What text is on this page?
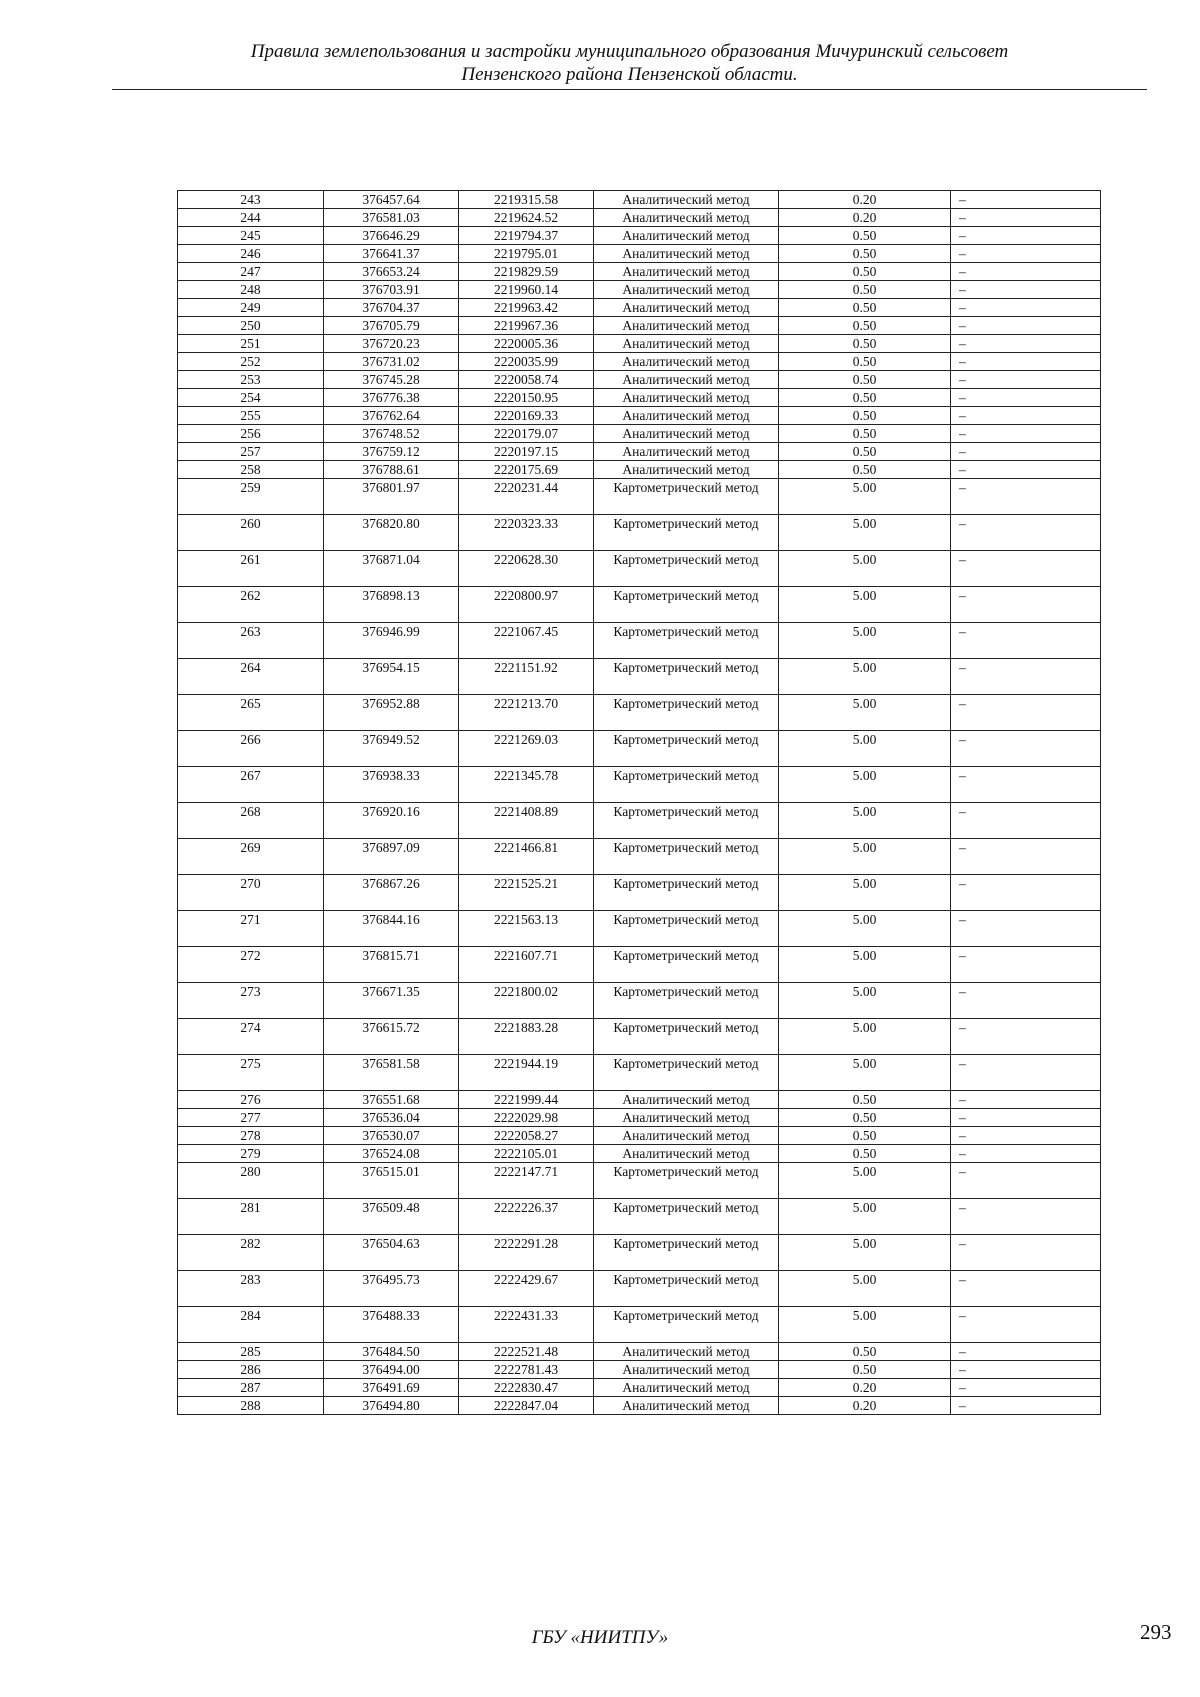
Правила землепользования и застройки муниципального образования Мичуринский сельсовет
Пензенского района Пензенской области.
243	376457.64	2219315.58	Аналитический метод	0.20	–
244	376581.03	2219624.52	Аналитический метод	0.20	–
245	376646.29	2219794.37	Аналитический метод	0.50	–
246	376641.37	2219795.01	Аналитический метод	0.50	–
247	376653.24	2219829.59	Аналитический метод	0.50	–
248	376703.91	2219960.14	Аналитический метод	0.50	–
249	376704.37	2219963.42	Аналитический метод	0.50	–
250	376705.79	2219967.36	Аналитический метод	0.50	–
251	376720.23	2220005.36	Аналитический метод	0.50	–
252	376731.02	2220035.99	Аналитический метод	0.50	–
253	376745.28	2220058.74	Аналитический метод	0.50	–
254	376776.38	2220150.95	Аналитический метод	0.50	–
255	376762.64	2220169.33	Аналитический метод	0.50	–
256	376748.52	2220179.07	Аналитический метод	0.50	–
257	376759.12	2220197.15	Аналитический метод	0.50	–
258	376788.61	2220175.69	Аналитический метод	0.50	–
259	376801.97	2220231.44	Картометрический метод	5.00	–
260	376820.80	2220323.33	Картометрический метод	5.00	–
261	376871.04	2220628.30	Картометрический метод	5.00	–
262	376898.13	2220800.97	Картометрический метод	5.00	–
263	376946.99	2221067.45	Картометрический метод	5.00	–
264	376954.15	2221151.92	Картометрический метод	5.00	–
265	376952.88	2221213.70	Картометрический метод	5.00	–
266	376949.52	2221269.03	Картометрический метод	5.00	–
267	376938.33	2221345.78	Картометрический метод	5.00	–
268	376920.16	2221408.89	Картометрический метод	5.00	–
269	376897.09	2221466.81	Картометрический метод	5.00	–
270	376867.26	2221525.21	Картометрический метод	5.00	–
271	376844.16	2221563.13	Картометрический метод	5.00	–
272	376815.71	2221607.71	Картометрический метод	5.00	–
273	376671.35	2221800.02	Картометрический метод	5.00	–
274	376615.72	2221883.28	Картометрический метод	5.00	–
275	376581.58	2221944.19	Картометрический метод	5.00	–
276	376551.68	2221999.44	Аналитический метод	0.50	–
277	376536.04	2222029.98	Аналитический метод	0.50	–
278	376530.07	2222058.27	Аналитический метод	0.50	–
279	376524.08	2222105.01	Аналитический метод	0.50	–
280	376515.01	2222147.71	Картометрический метод	5.00	–
281	376509.48	2222226.37	Картометрический метод	5.00	–
282	376504.63	2222291.28	Картометрический метод	5.00	–
283	376495.73	2222429.67	Картометрический метод	5.00	–
284	376488.33	2222431.33	Картометрический метод	5.00	–
285	376484.50	2222521.48	Аналитический метод	0.50	–
286	376494.00	2222781.43	Аналитический метод	0.50	–
287	376491.69	2222830.47	Аналитический метод	0.20	–
288	376494.80	2222847.04	Аналитический метод	0.20	–
ГБУ «НИИТПУ»	293
